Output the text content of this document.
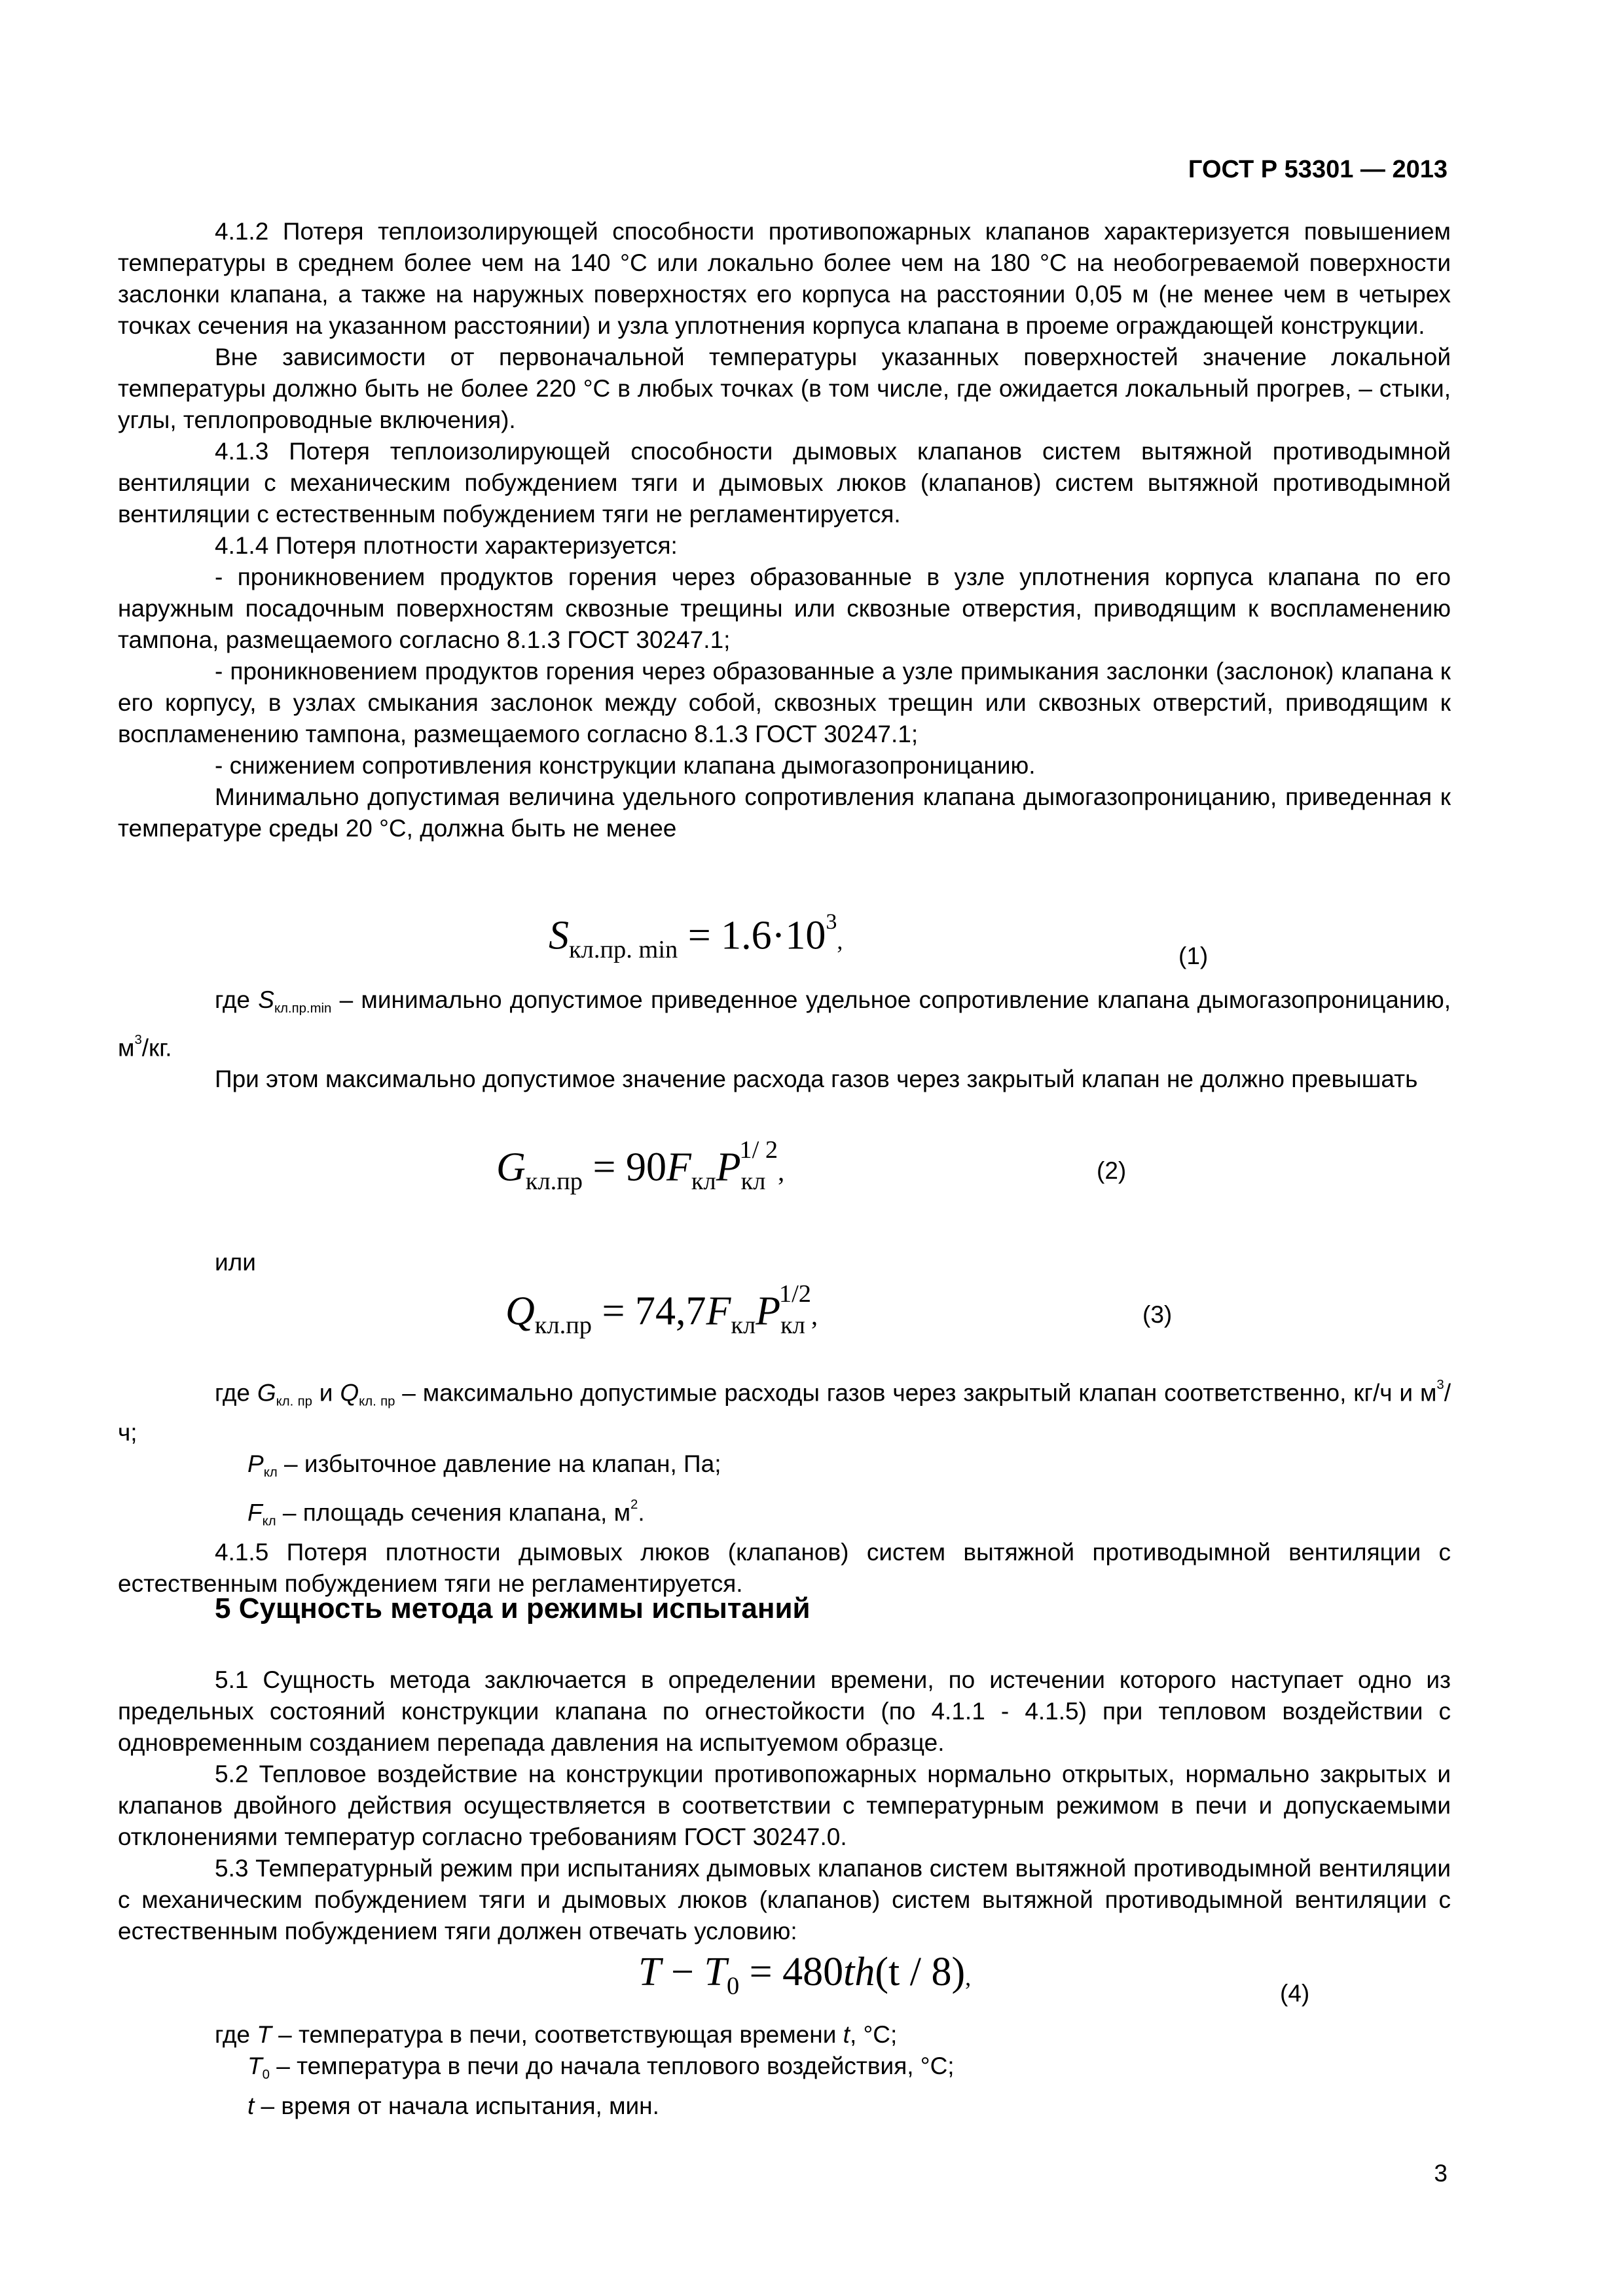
ГОСТ Р 53301 — 2013

4.1.2 Потеря теплоизолирующей способности противопожарных клапанов характеризуется повышением температуры в среднем более чем на 140 °С или локально более чем на 180 °С на необогреваемой поверхности заслонки клапана, а также на наружных поверхностях его корпуса на расстоянии 0,05 м (не менее чем в четырех точках сечения на указанном расстоянии) и узла уплотнения корпуса клапана в проеме ограждающей конструкции.

Вне зависимости от первоначальной температуры указанных поверхностей значение локальной температуры должно быть не более 220 °С в любых точках (в том числе, где ожидается локальный прогрев, – стыки, углы, теплопроводные включения).

4.1.3 Потеря теплоизолирующей способности дымовых клапанов систем вытяжной противодымной вентиляции с механическим побуждением тяги и дымовых люков (клапанов) систем вытяжной противодымной вентиляции с естественным побуждением тяги не регламентируется.

4.1.4 Потеря плотности характеризуется:

- проникновением продуктов горения через образованные в узле уплотнения корпуса клапана по его наружным посадочным поверхностям сквозные трещины или сквозные отверстия, приводящим к воспламенению тампона, размещаемого согласно 8.1.3 ГОСТ 30247.1;

- проникновением продуктов горения через образованные а узле примыкания заслонки (заслонок) клапана к его корпусу, в узлах смыкания заслонок между собой, сквозных трещин или сквозных отверстий, приводящим к воспламенению тампона, размещаемого согласно 8.1.3 ГОСТ 30247.1;

- снижением сопротивления конструкции клапана дымогазопроницанию.

Минимально допустимая величина удельного сопротивления клапана дымогазопроницанию, приведенная к температуре среды 20 °С, должна быть не менее

$S_{кл.пр. min} = 1.6\cdot 10^3$,
(1)

где $S_{кл.пр.min}$ – минимально допустимое приведенное удельное сопротивление клапана дымогазопроницанию, $м^3/кг$.

При этом максимально допустимое значение расхода газов через закрытый клапан не должно превышать

$G_{кл.пр} = 90F_{кл}P_{кл}^{1/ 2}$,	(2)
или
$Q_{кл.пр} = 74,7F_{кл}P_{кл}^{1/2}$,	(3)

где $G_{кл. пр}$ и $Q_{кл. пр}$ – максимально допустимые расходы газов через закрытый клапан соответственно, кг/ч и $м^3/ч$;

$P_{кл}$ – избыточное давление на клапан, Па;

$F_{кл}$ – площадь сечения клапана, $м^2$.

4.1.5 Потеря плотности дымовых люков (клапанов) систем вытяжной противодымной вентиляции с естественным побуждением тяги не регламентируется.

5 Сущность метода и режимы испытаний

5.1 Сущность метода заключается в определении времени, по истечении которого наступает одно из предельных состояний конструкции клапана по огнестойкости (по 4.1.1 - 4.1.5) при тепловом воздействии с одновременным созданием перепада давления на испытуемом образце.

5.2 Тепловое воздействие на конструкции противопожарных нормально открытых, нормально закрытых и клапанов двойного действия осуществляется в соответствии с температурным режимом в печи и допускаемыми отклонениями температур согласно требованиям ГОСТ 30247.0.

5.3 Температурный режим при испытаниях дымовых клапанов систем вытяжной противодымной вентиляции с механическим побуждением тяги и дымовых люков (клапанов) систем вытяжной противодымной вентиляции с естественным побуждением тяги должен отвечать условию:

$T - T_0 = 480th(t / 8)$,
(4)

где T – температура в печи, соответствующая времени t, °С;

$T_0$ – температура в печи до начала теплового воздействия, °С;

t – время от начала испытания, мин.

3
